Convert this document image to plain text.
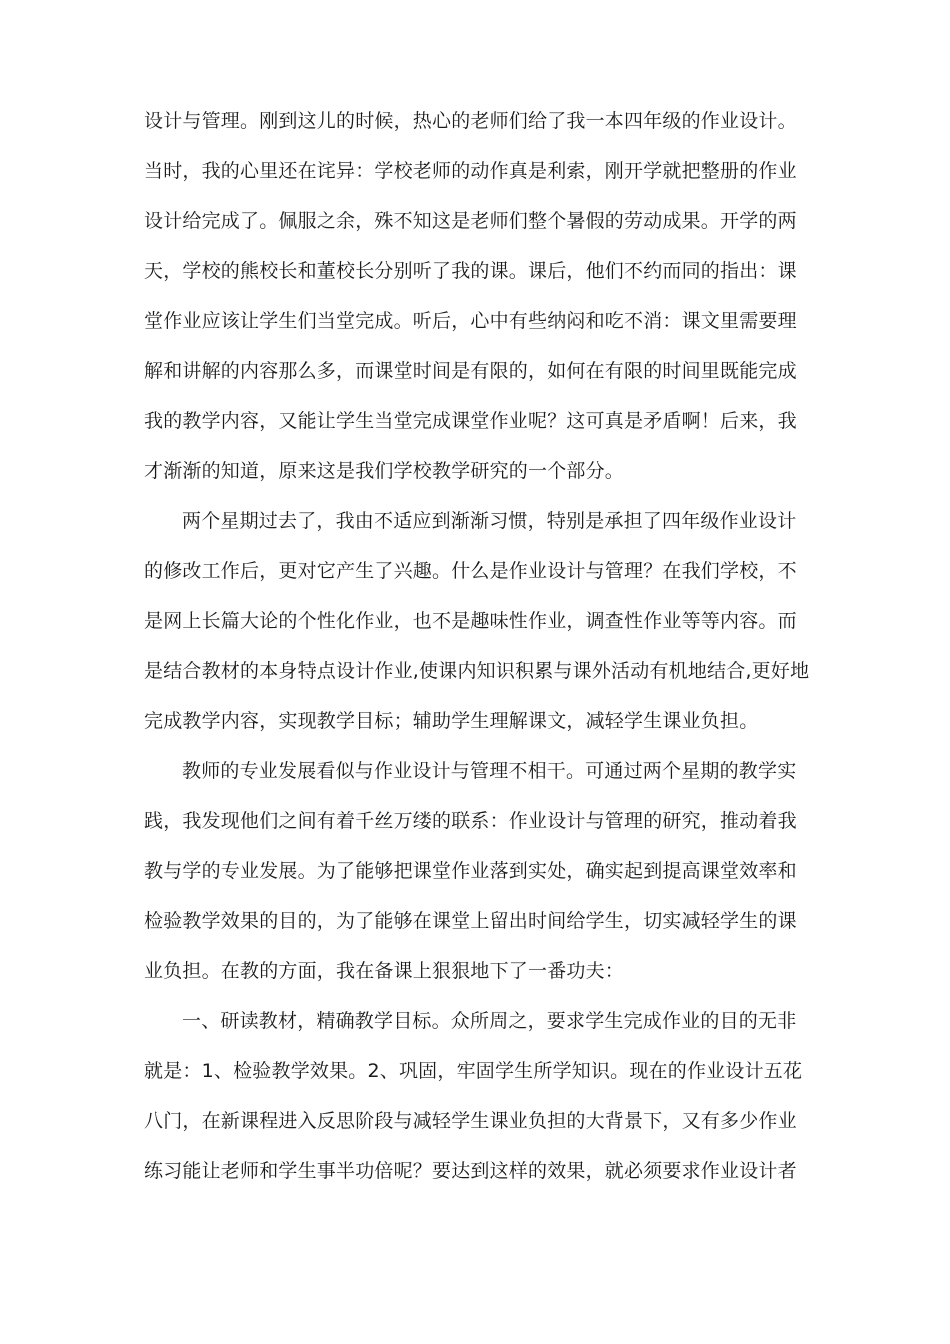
设计与管理。刚到这儿的时候，热心的老师们给了我一本四年级的作业设计。
当时，我的心里还在诧异：学校老师的动作真是利索，刚开学就把整册的作业
设计给完成了。佩服之余，殊不知这是老师们整个暑假的劳动成果。开学的两
天，学校的熊校长和董校长分别听了我的课。课后，他们不约而同的指出：课
堂作业应该让学生们当堂完成。听后，心中有些纳闷和吃不消：课文里需要理
解和讲解的内容那么多，而课堂时间是有限的，如何在有限的时间里既能完成
我的教学内容，又能让学生当堂完成课堂作业呢？这可真是矛盾啊！后来，我
才渐渐的知道，原来这是我们学校教学研究的一个部分。
两个星期过去了，我由不适应到渐渐习惯，特别是承担了四年级作业设计
的修改工作后，更对它产生了兴趣。什么是作业设计与管理？在我们学校，不
是网上长篇大论的个性化作业，也不是趣味性作业，调查性作业等等内容。而
是结合教材的本身特点设计作业,使课内知识积累与课外活动有机地结合,更好地
完成教学内容，实现教学目标；辅助学生理解课文，减轻学生课业负担。
教师的专业发展看似与作业设计与管理不相干。可通过两个星期的教学实
践，我发现他们之间有着千丝万缕的联系：作业设计与管理的研究，推动着我
教与学的专业发展。为了能够把课堂作业落到实处，确实起到提高课堂效率和
检验教学效果的目的，为了能够在课堂上留出时间给学生，切实减轻学生的课
业负担。在教的方面，我在备课上狠狠地下了一番功夫：
一、研读教材，精确教学目标。众所周之，要求学生完成作业的目的无非
就是：1、检验教学效果。2、巩固，牢固学生所学知识。现在的作业设计五花
八门，在新课程进入反思阶段与减轻学生课业负担的大背景下，又有多少作业
练习能让老师和学生事半功倍呢？要达到这样的效果，就必须要求作业设计者
